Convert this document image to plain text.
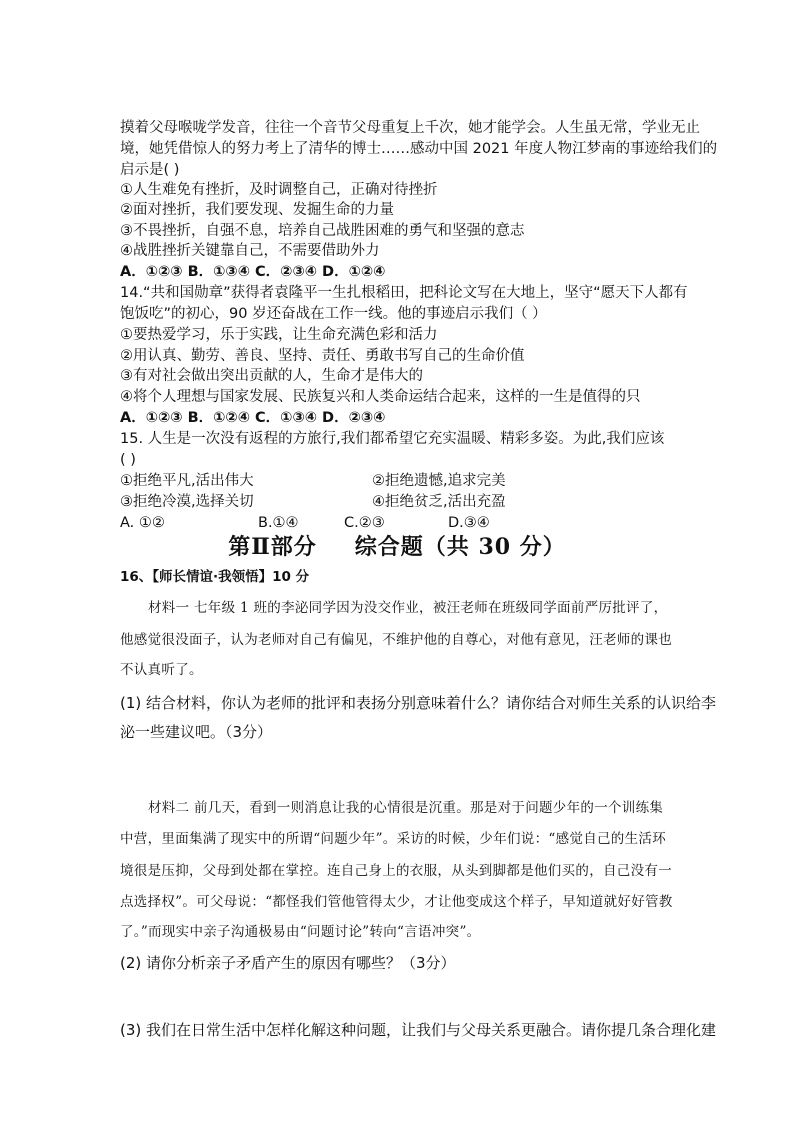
摸着父母喉咙学发音，往往一个音节父母重复上千次，她才能学会。人生虽无常，学业无止
境，她凭借惊人的努力考上了清华的博士……感动中国 2021 年度人物江梦南的事迹给我们的
启示是( )
①人生难免有挫折，及时调整自己，正确对待挫折
②面对挫折，我们要发现、发掘生命的力量
③不畏挫折，自强不息，培养自己战胜困难的勇气和坚强的意志
④战胜挫折关键靠自己，不需要借助外力
A．①②③ B．①③④ C．②③④ D．①②④
14.“共和国勋章”获得者袁隆平一生扎根稻田，把科论文写在大地上，坚守“愿天下人都有
饱饭吃”的初心，90 岁还奋战在工作一线。他的事迹启示我们（ ）
①要热爱学习，乐于实践，让生命充满色彩和活力
②用认真、勤劳、善良、坚持、责任、勇敢书写自己的生命价值
③有对社会做出突出贡献的人，生命才是伟大的
④将个人理想与国家发展、民族复兴和人类命运结合起来，这样的一生是值得的只
A．①②③ B．①②④ C．①③④ D．②③④
15. 人生是一次没有返程的方旅行,我们都希望它充实温暖、精彩多姿。为此,我们应该
( )
①拒绝平凡,活出伟大	②拒绝遗憾,追求完美
③拒绝冷漠,选择关切	④拒绝贫乏,活出充盈
A. ①②	B.①④	C.②③	D.③④
第Ⅱ部分 综合题（共 30 分）
16、【师长情谊·我领悟】10 分
材料一 七年级 1 班的李泌同学因为没交作业，被汪老师在班级同学面前严厉批评了，
他感觉很没面子，认为老师对自己有偏见，不维护他的自尊心，对他有意见，汪老师的课也
不认真听了。
(1) 结合材料，你认为老师的批评和表扬分别意味着什么？请你结合对师生关系的认识给李
泌一些建议吧。（3分）
材料二 前几天，看到一则消息让我的心情很是沉重。那是对于问题少年的一个训练集
中营，里面集满了现实中的所谓“问题少年”。采访的时候，少年们说：“感觉自己的生活环
境很是压抑，父母到处都在掌控。连自己身上的衣服，从头到脚都是他们买的，自己没有一
点选择权”。可父母说：“都怪我们管他管得太少，才让他变成这个样子，早知道就好好管教
了。”而现实中亲子沟通极易由“问题讨论”转向“言语冲突”。
(2) 请你分析亲子矛盾产生的原因有哪些？（3分）
(3) 我们在日常生活中怎样化解这种问题，让我们与父母关系更融合。请你提几条合理化建
